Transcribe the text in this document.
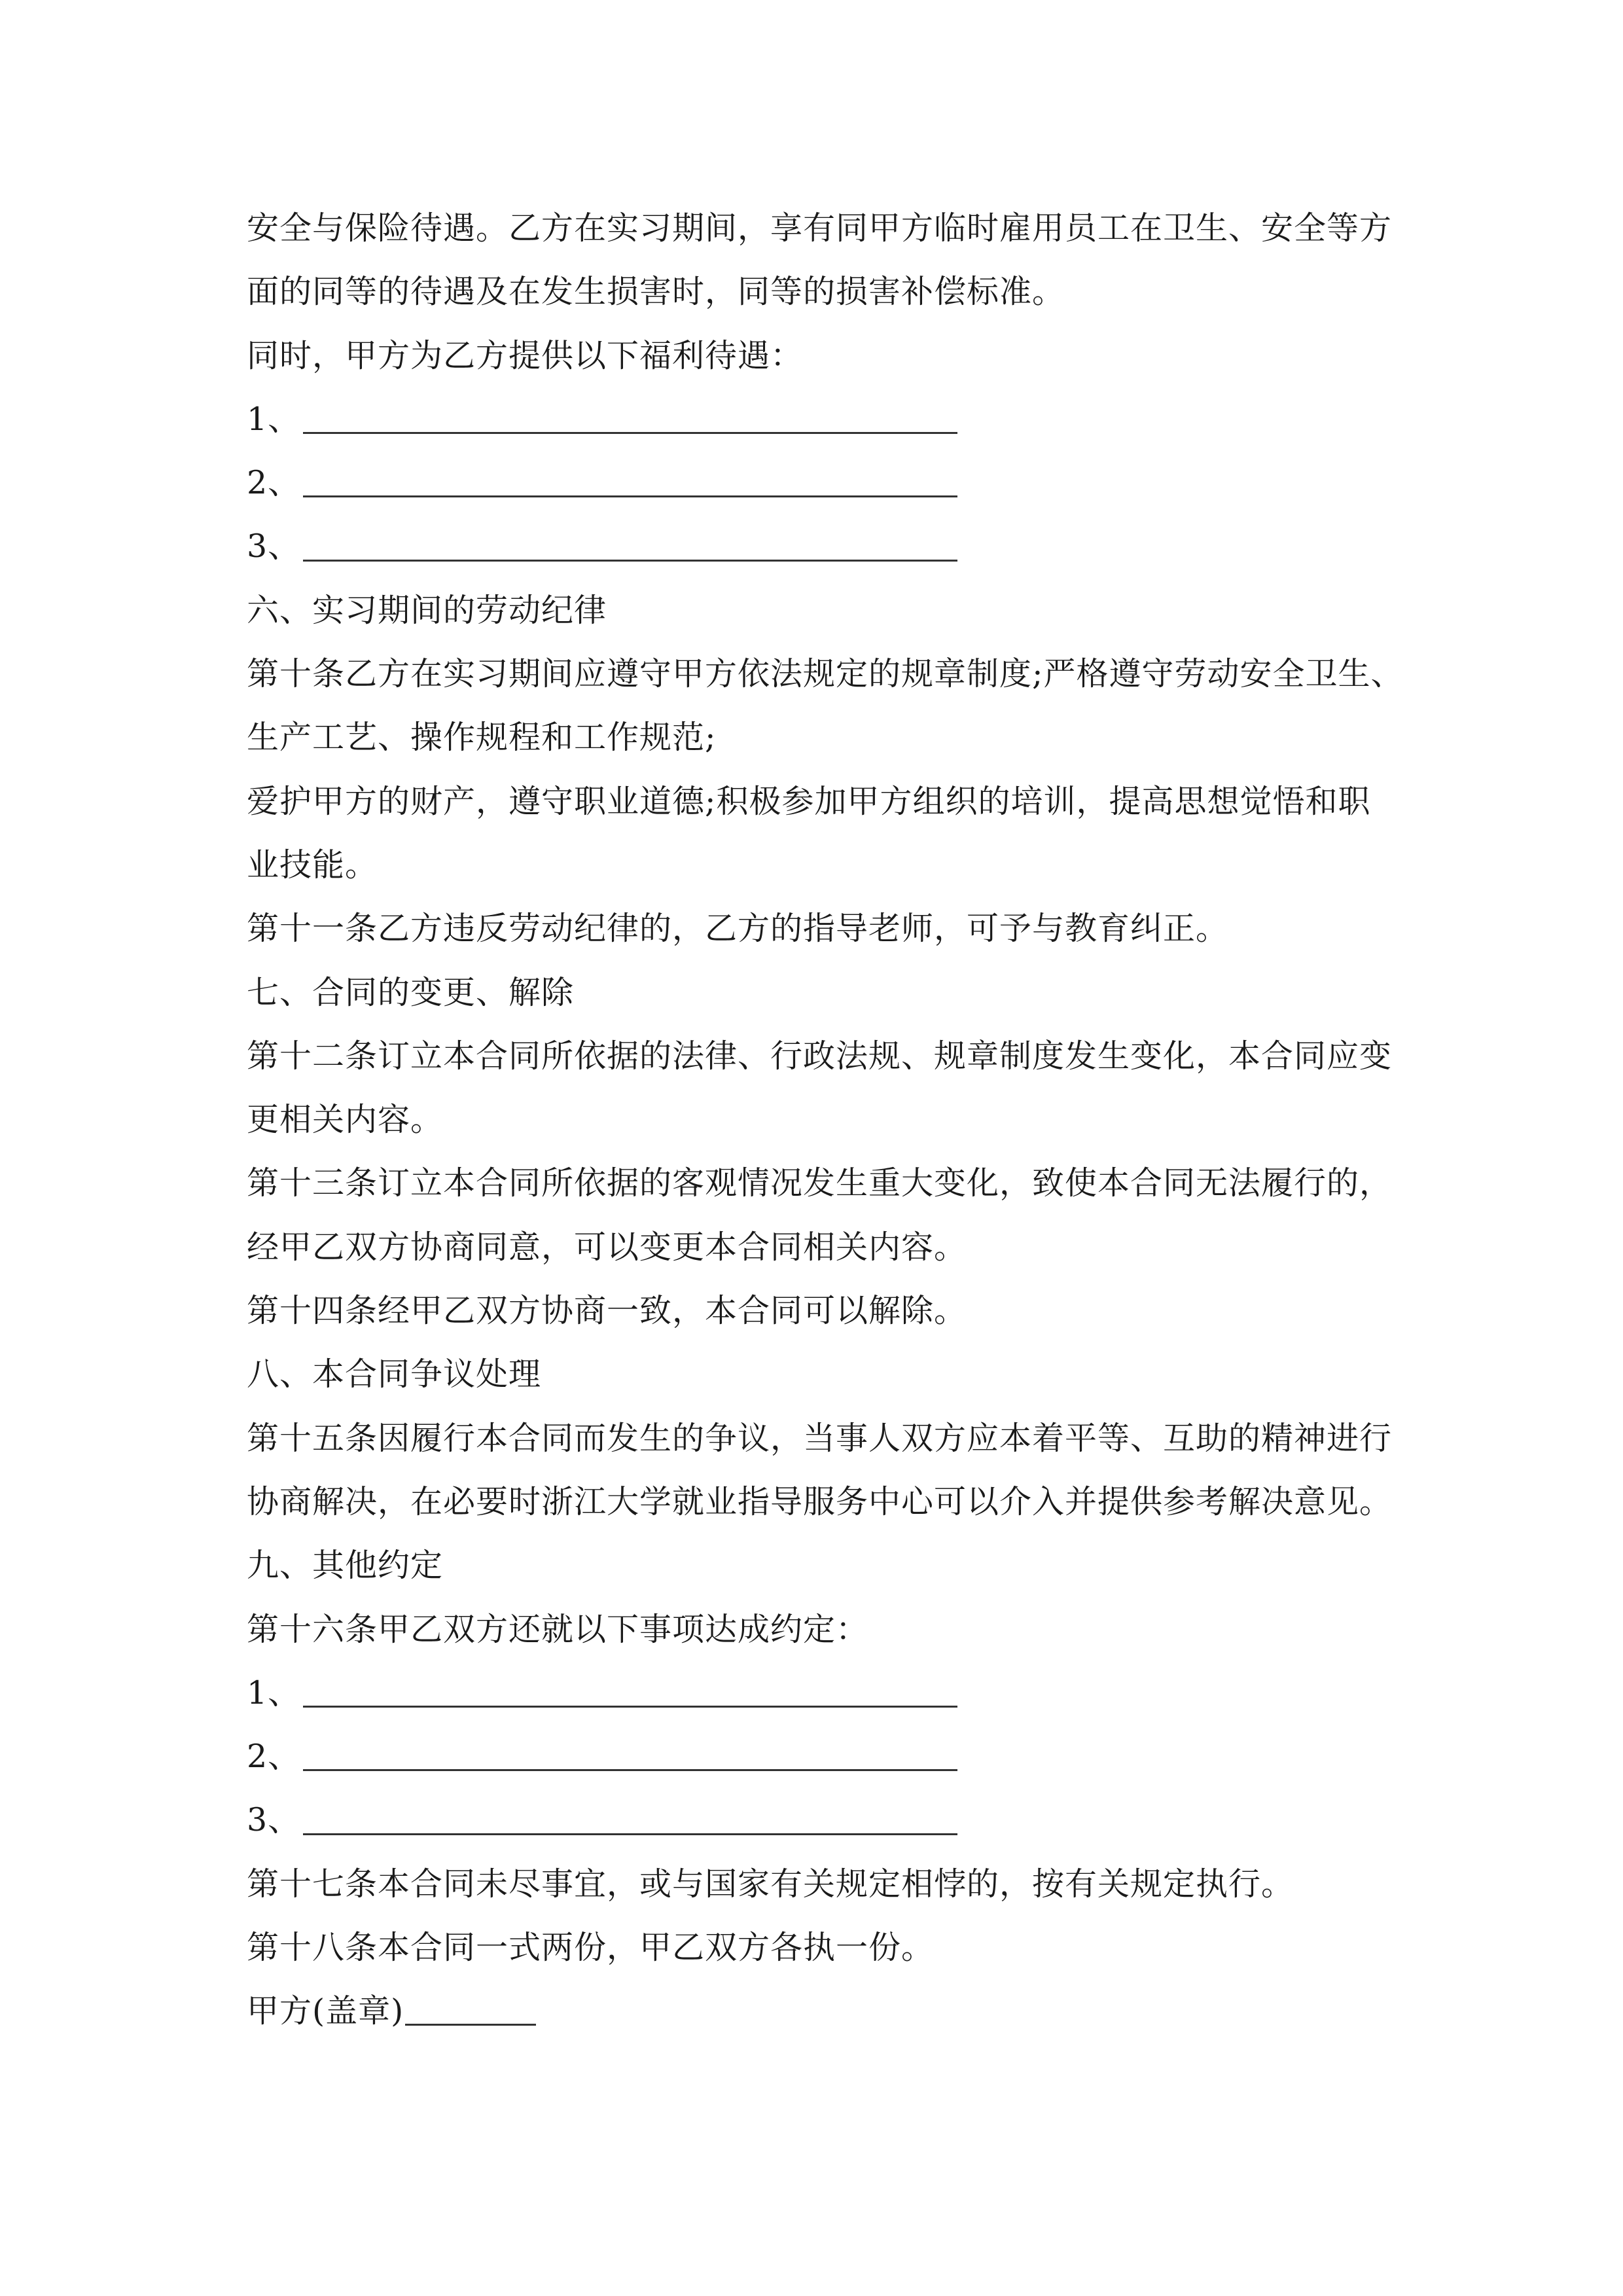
安全与保险待遇。乙方在实习期间，享有同甲方临时雇用员工在卫生、安全等方
面的同等的待遇及在发生损害时，同等的损害补偿标准。
同时，甲方为乙方提供以下福利待遇：
1、
2、
3、
六、实习期间的劳动纪律
第十条乙方在实习期间应遵守甲方依法规定的规章制度;严格遵守劳动安全卫生、
生产工艺、操作规程和工作规范;
爱护甲方的财产，遵守职业道德;积极参加甲方组织的培训，提高思想觉悟和职
业技能。
第十一条乙方违反劳动纪律的，乙方的指导老师，可予与教育纠正。
七、合同的变更、解除
第十二条订立本合同所依据的法律、行政法规、规章制度发生变化，本合同应变
更相关内容。
第十三条订立本合同所依据的客观情况发生重大变化，致使本合同无法履行的，
经甲乙双方协商同意，可以变更本合同相关内容。
第十四条经甲乙双方协商一致，本合同可以解除。
八、本合同争议处理
第十五条因履行本合同而发生的争议，当事人双方应本着平等、互助的精神进行
协商解决，在必要时浙江大学就业指导服务中心可以介入并提供参考解决意见。
九、其他约定
第十六条甲乙双方还就以下事项达成约定：
1、
2、
3、
第十七条本合同未尽事宜，或与国家有关规定相悖的，按有关规定执行。
第十八条本合同一式两份，甲乙双方各执一份。
甲方(盖章)
